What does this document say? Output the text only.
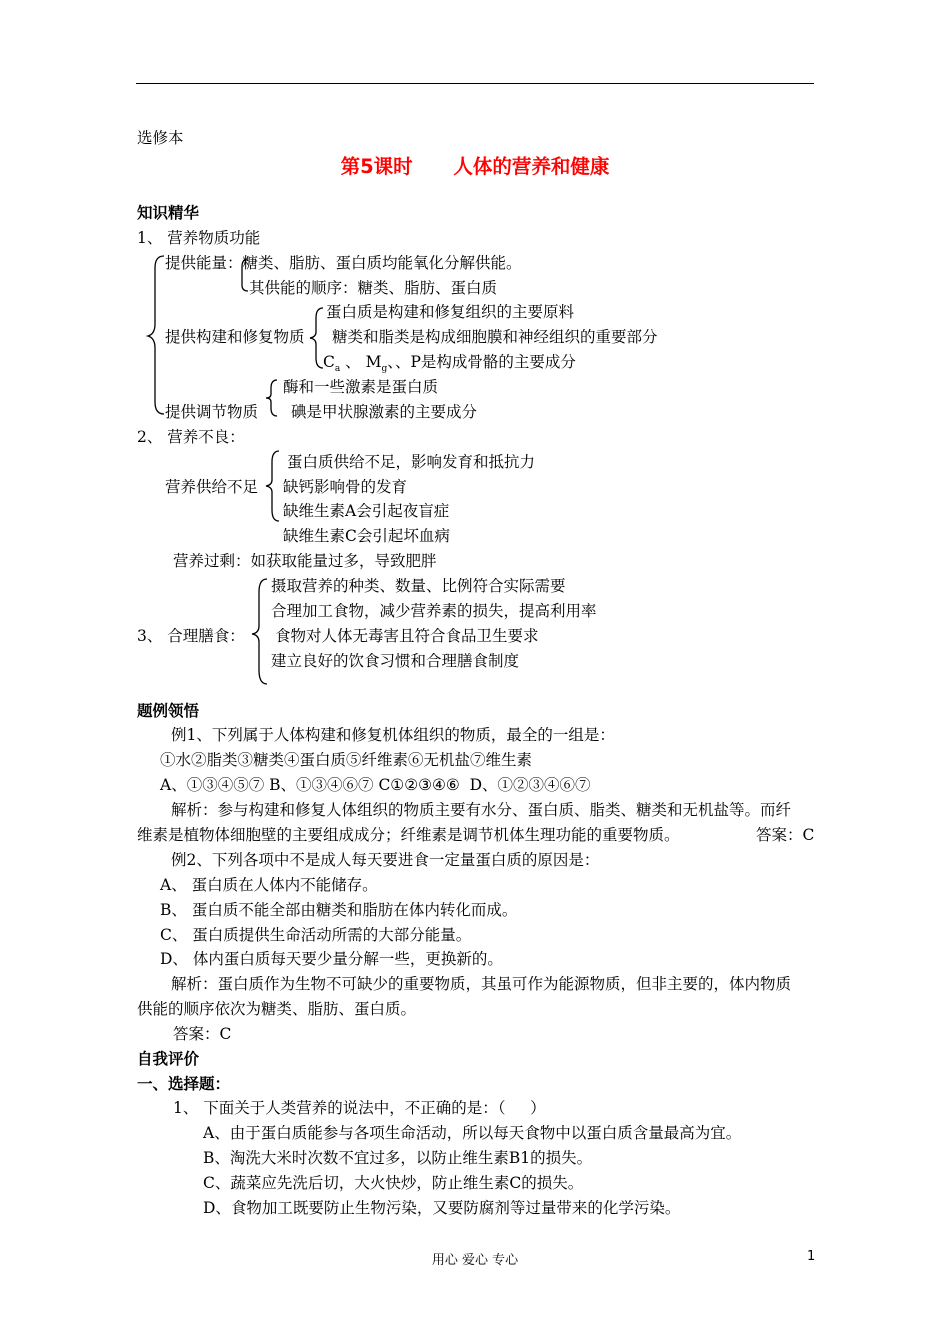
选修本
第5课时      人体的营养和健康
知识精华
1、 营养物质功能
提供能量：糖类、脂肪、蛋白质均能氧化分解供能。
其供能的顺序：糖类、脂肪、蛋白质
蛋白质是构建和修复组织的主要原料
提供构建和修复物质 糖类和脂类是构成细胞膜和神经组织的重要部分
$C_a$ 、 $M_g$、、P是构成骨骼的主要成分
酶和一些激素是蛋白质
提供调节物质 碘是甲状腺激素的主要成分
2、 营养不良：
蛋白质供给不足，影响发育和抵抗力
营养供给不足 缺钙影响骨的发育
缺维生素A会引起夜盲症
缺维生素C会引起坏血病
营养过剩：如获取能量过多，导致肥胖
摄取营养的种类、数量、比例符合实际需要
合理加工食物，减少营养素的损失，提高利用率
3、 合理膳食： 食物对人体无毒害且符合食品卫生要求
建立良好的饮食习惯和合理膳食制度
题例领悟
例1、下列属于人体构建和修复机体组织的物质，最全的一组是：
①水②脂类③糖类④蛋白质⑤纤维素⑥无机盐⑦维生素
A、①③④⑤⑦ B、①③④⑥⑦ C①②③④⑥  D、①②③④⑥⑦
解析：参与构建和修复人体组织的物质主要有水分、蛋白质、脂类、糖类和无机盐等。而纤
维素是植物体细胞壁的主要组成成分；纤维素是调节机体生理功能的重要物质。	答案：C
例2、下列各项中不是成人每天要进食一定量蛋白质的原因是：
A、 蛋白质在人体内不能储存。
B、 蛋白质不能全部由糖类和脂肪在体内转化而成。
C、 蛋白质提供生命活动所需的大部分能量。
D、 体内蛋白质每天要少量分解一些，更换新的。
解析：蛋白质作为生物不可缺少的重要物质，其虽可作为能源物质，但非主要的，体内物质
供能的顺序依次为糖类、脂肪、蛋白质。
答案：C
自我评价
一、选择题：
1、 下面关于人类营养的说法中，不正确的是：（     ）
A、由于蛋白质能参与各项生命活动，所以每天食物中以蛋白质含量最高为宜。
B、淘洗大米时次数不宜过多，以防止维生素B1的损失。
C、蔬菜应先洗后切，大火快炒，防止维生素C的损失。
D、食物加工既要防止生物污染，又要防腐剂等过量带来的化学污染。
用心 爱心 专心	1
